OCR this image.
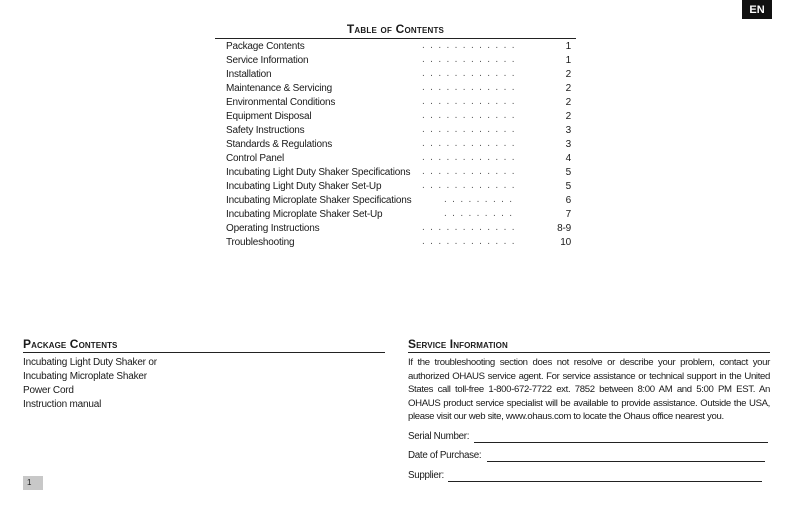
EN
Table of Contents
Package Contents	. . . . . . . . . . . .	1
Service Information	. . . . . . . . . . . .	1
Installation	. . . . . . . . . . . .	2
Maintenance & Servicing	. . . . . . . . . . . .	2
Environmental Conditions	. . . . . . . . . . . .	2
Equipment Disposal	. . . . . . . . . . . .	2
Safety Instructions	. . . . . . . . . . . .	3
Standards & Regulations	. . . . . . . . . . . .	3
Control Panel	. . . . . . . . . . . .	4
Incubating Light Duty Shaker Specifications . . . . . . . . . . . .	5
Incubating Light Duty Shaker Set-Up	. . . . . . . . . . . .	5
Incubating Microplate Shaker Specifications	. . . . . . . . .	6
Incubating Microplate Shaker Set-Up	. . . . . . . . .	7
Operating Instructions	. . . . . . . . . . . .	8-9
Troubleshooting	. . . . . . . . . . . .	10
Package Contents
Incubating Light Duty Shaker or
Incubating Microplate Shaker
Power Cord
Instruction manual
Service Information
If the troubleshooting section does not resolve or describe your problem, contact your authorized OHAUS service agent. For service assistance or technical support in the United States call toll-free 1-800-672-7722 ext. 7852 between 8:00 AM and 5:00 PM EST. An OHAUS product service specialist will be available to provide assistance. Outside the USA, please visit our web site, www.ohaus.com to locate the Ohaus office nearest you.
Serial Number:
Date of Purchase:
Supplier:
1
